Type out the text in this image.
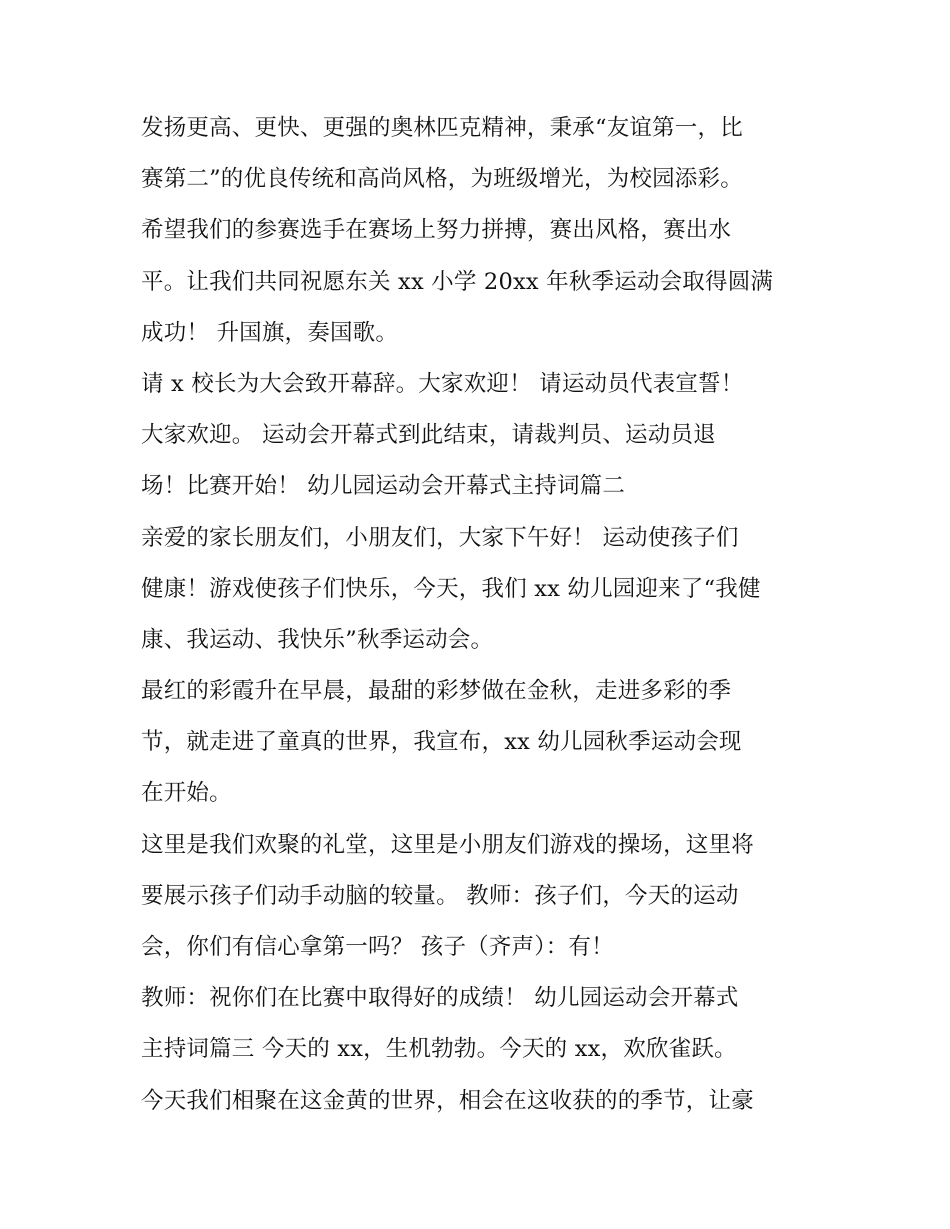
发扬更高、更快、更强的奥林匹克精神，秉承“友谊第一，比
赛第二”的优良传统和高尚风格，为班级增光，为校园添彩。
希望我们的参赛选手在赛场上努力拼搏，赛出风格，赛出水
平。让我们共同祝愿东关 xx 小学 20xx 年秋季运动会取得圆满
成功！ 升国旗，奏国歌。
请 x 校长为大会致开幕辞。大家欢迎！ 请运动员代表宣誓！
大家欢迎。 运动会开幕式到此结束，请裁判员、运动员退
场！比赛开始！ 幼儿园运动会开幕式主持词篇二
亲爱的家长朋友们，小朋友们，大家下午好！ 运动使孩子们
健康！游戏使孩子们快乐，今天，我们 xx 幼儿园迎来了“我健
康、我运动、我快乐”秋季运动会。
最红的彩霞升在早晨，最甜的彩梦做在金秋，走进多彩的季
节，就走进了童真的世界，我宣布，xx 幼儿园秋季运动会现
在开始。
这里是我们欢聚的礼堂，这里是小朋友们游戏的操场，这里将
要展示孩子们动手动脑的较量。 教师：孩子们，今天的运动
会，你们有信心拿第一吗？ 孩子（齐声）：有！
教师：祝你们在比赛中取得好的成绩！ 幼儿园运动会开幕式
主持词篇三 今天的 xx，生机勃勃。今天的 xx，欢欣雀跃。
今天我们相聚在这金黄的世界，相会在这收获的的季节，让豪
